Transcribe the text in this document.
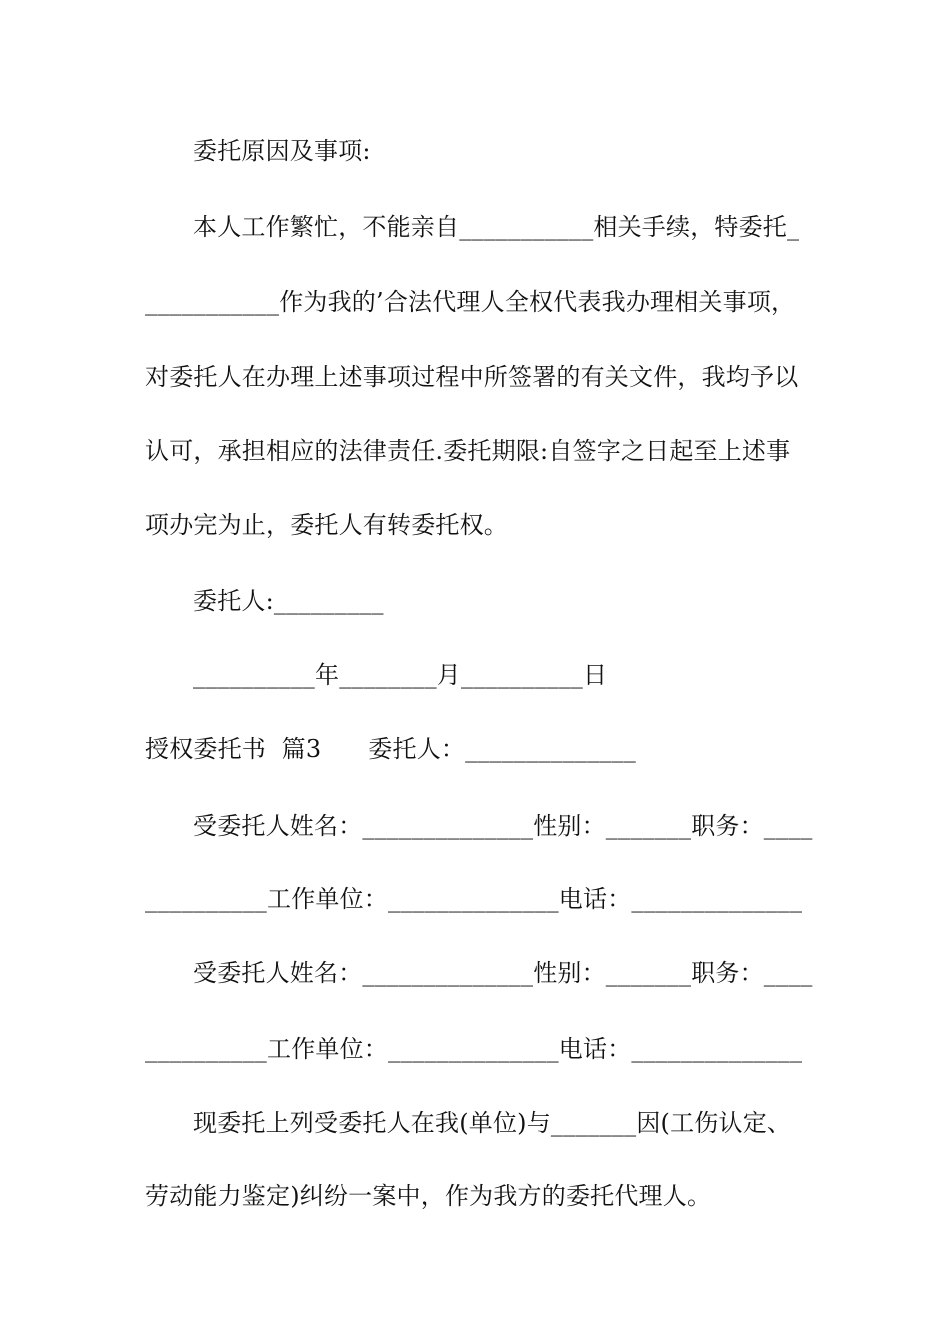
委托原因及事项:
本人工作繁忙，不能亲自___________相关手续，特委托_
___________作为我的’合法代理人全权代表我办理相关事项，
对委托人在办理上述事项过程中所签署的有关文件，我均予以
认可，承担相应的法律责任.委托期限:自签字之日起至上述事
项办完为止，委托人有转委托权。
委托人:_________
__________年________月__________日
授权委托书  篇3      委托人：______________
受委托人姓名：______________性别：_______职务：____
__________工作单位：______________电话：______________
受委托人姓名：______________性别：_______职务：____
__________工作单位：______________电话：______________
现委托上列受委托人在我(单位)与_______因(工伤认定、
劳动能力鉴定)纠纷一案中，作为我方的委托代理人。
